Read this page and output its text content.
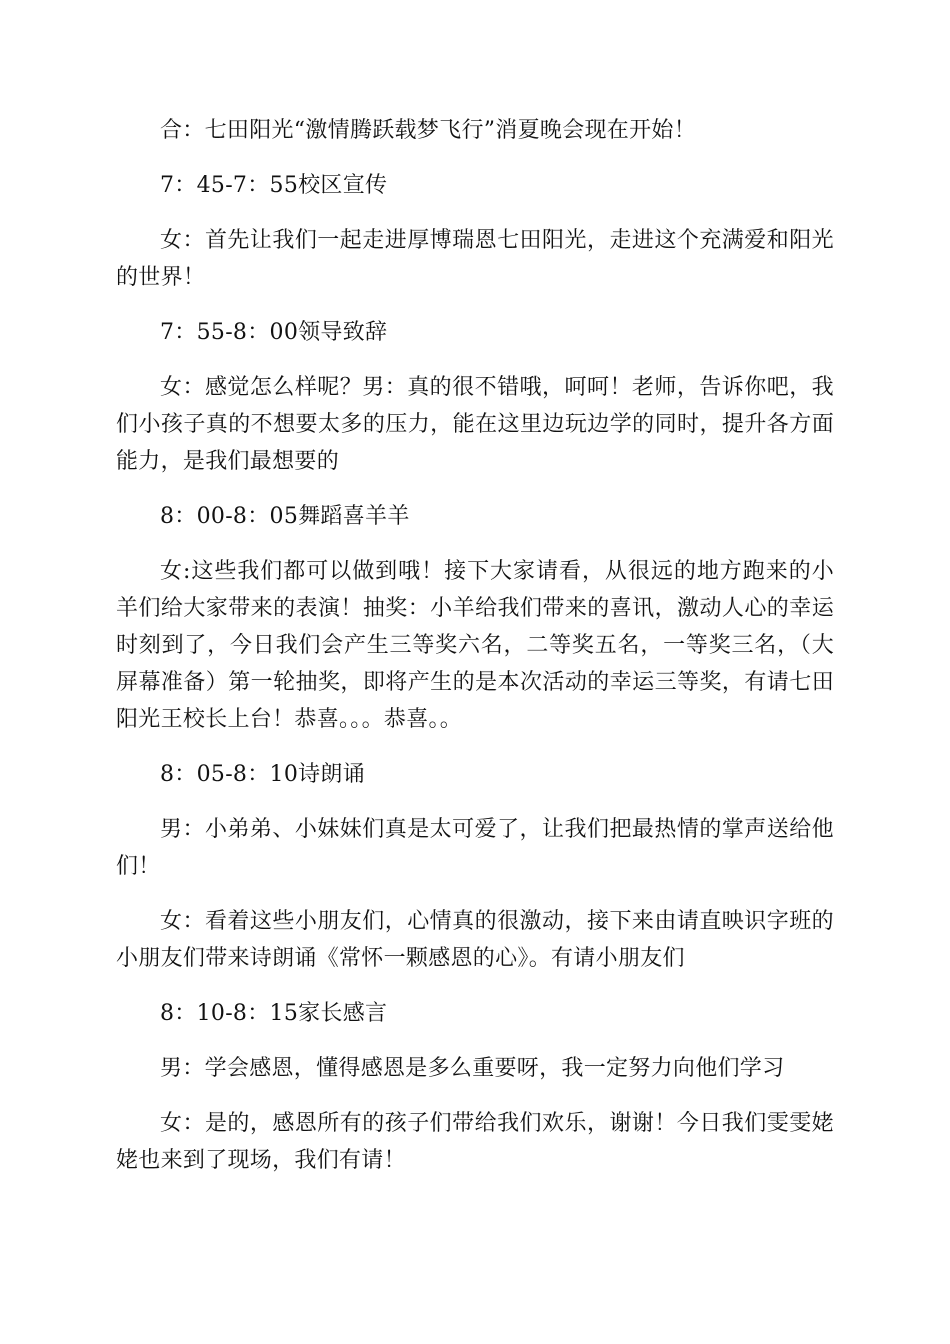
合：七田阳光“激情腾跃载梦飞行”消夏晚会现在开始！

7：45-7：55校区宣传

女：首先让我们一起走进厚博瑞恩七田阳光，走进这个充满爱和阳光的世界！

7：55-8：00领导致辞

女：感觉怎么样呢？男：真的很不错哦，呵呵！老师，告诉你吧，我们小孩子真的不想要太多的压力，能在这里边玩边学的同时，提升各方面能力，是我们最想要的

8：00-8：05舞蹈喜羊羊

女:这些我们都可以做到哦！接下大家请看，从很远的地方跑来的小羊们给大家带来的表演！抽奖：小羊给我们带来的喜讯，激动人心的幸运时刻到了，今日我们会产生三等奖六名，二等奖五名，一等奖三名，（大屏幕准备）第一轮抽奖，即将产生的是本次活动的幸运三等奖，有请七田阳光王校长上台！恭喜。。。恭喜。。

8：05-8：10诗朗诵

男：小弟弟、小妹妹们真是太可爱了，让我们把最热情的掌声送给他们！

女：看着这些小朋友们，心情真的很激动，接下来由请直映识字班的小朋友们带来诗朗诵《常怀一颗感恩的心》。有请小朋友们

8：10-8：15家长感言

男：学会感恩，懂得感恩是多么重要呀，我一定努力向他们学习

女：是的，感恩所有的孩子们带给我们欢乐，谢谢！今日我们雯雯姥姥也来到了现场，我们有请！
